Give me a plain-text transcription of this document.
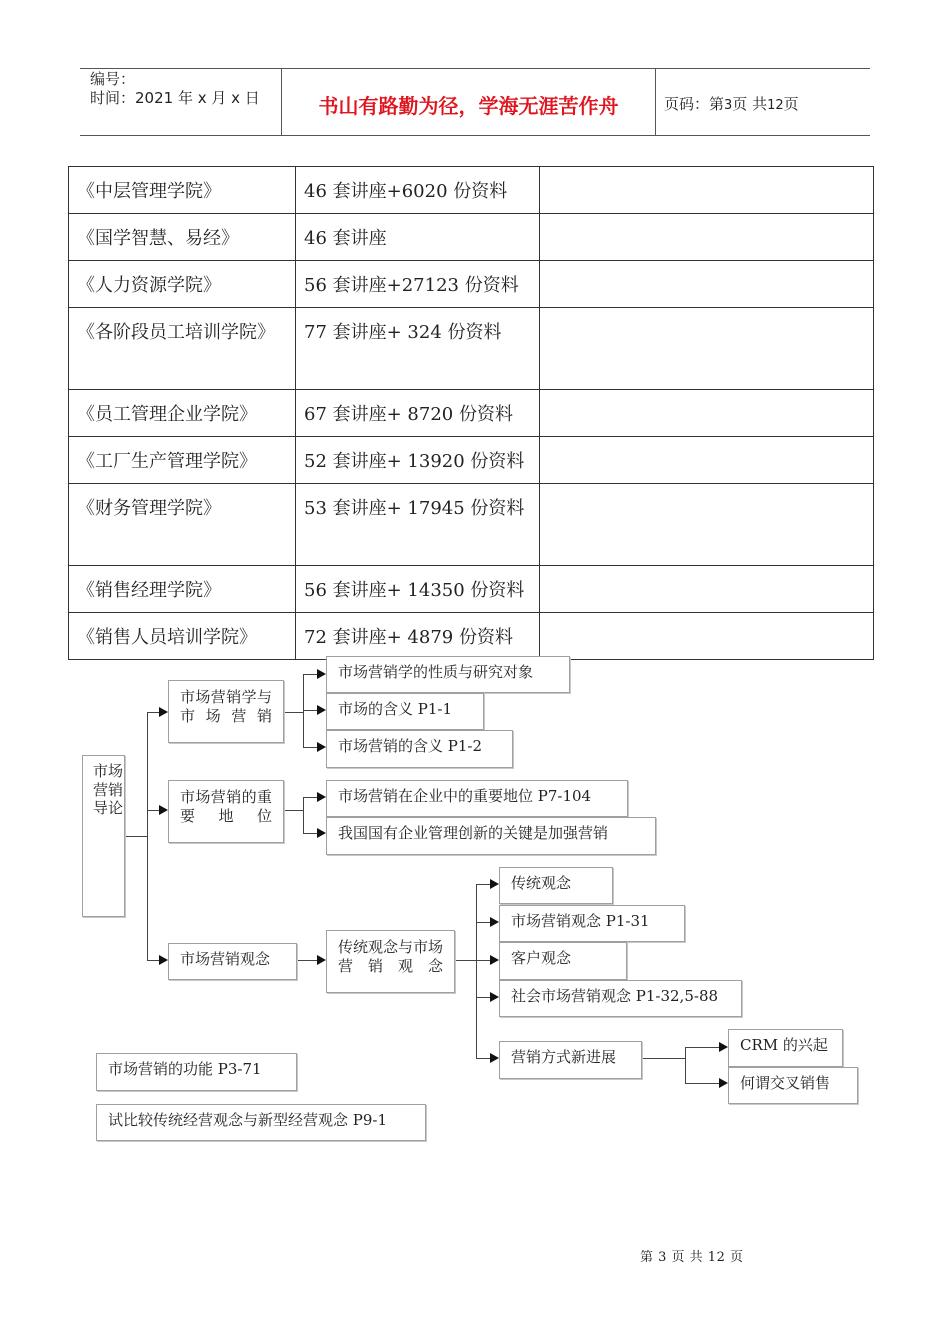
编号：
时间：2021 年 x 月 x 日	书山有路勤为径，学海无涯苦作舟	页码：第3页 共12页
《中层管理学院》	46 套讲座+6020 份资料	
《国学智慧、易经》	46 套讲座	
《人力资源学院》	56 套讲座+27123 份资料	
《各阶段员工培训学院》	77 套讲座+ 324 份资料	
《员工管理企业学院》	67 套讲座+ 8720 份资料	
《工厂生产管理学院》	52 套讲座+ 13920 份资料	
《财务管理学院》	53 套讲座+ 17945 份资料	
《销售经理学院》	56 套讲座+ 14350 份资料	
《销售人员培训学院》	72 套讲座+ 4879 份资料	
市场营销导论
市场营销学与市场营销
市场营销的重要地位
市场营销观念
市场营销学的性质与研究对象
市场的含义 P1-1
市场营销的含义 P1-2
市场营销在企业中的重要地位 P7-104
我国国有企业管理创新的关键是加强营销
传统观念与市场营销观念
传统观念
市场营销观念 P1-31
客户观念
社会市场营销观念 P1-32,5-88
营销方式新进展
CRM 的兴起
何谓交叉销售
市场营销的功能 P3-71
试比较传统经营观念与新型经营观念 P9-1
第 3 页 共 12 页
